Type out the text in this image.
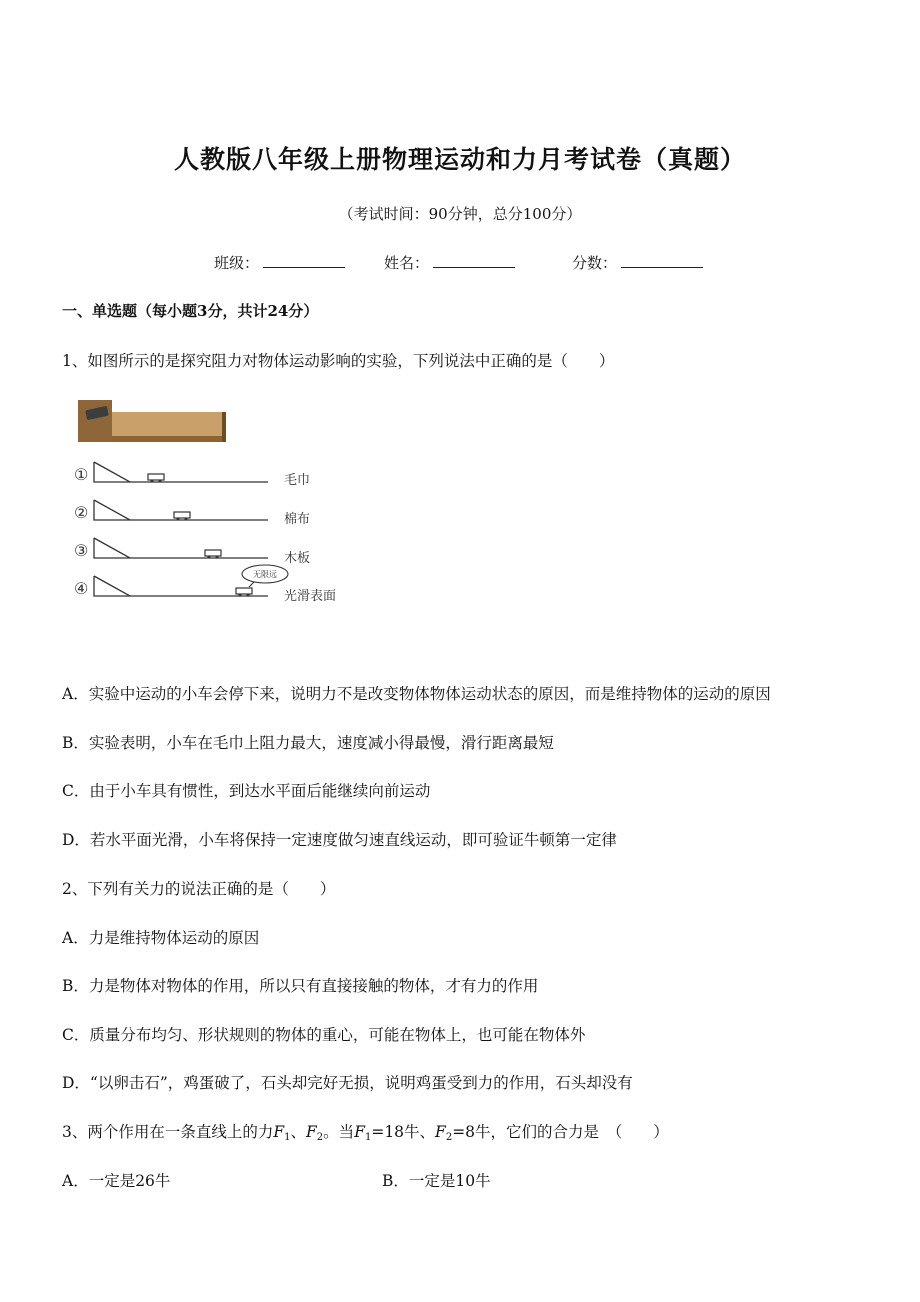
人教版八年级上册物理运动和力月考试卷（真题）
（考试时间：90分钟，总分100分）
班级：	姓名：	分数：
一、单选题（每小题3分，共计24分）
1、如图所示的是探究阻力对物体运动影响的实验，下列说法中正确的是（　　）
①	毛巾
②	棉布
③	木板
④
无限远
光滑表面
A．实验中运动的小车会停下来，说明力不是改变物体物体运动状态的原因，而是维持物体的运动的原因
B．实验表明，小车在毛巾上阻力最大，速度减小得最慢，滑行距离最短
C．由于小车具有惯性，到达水平面后能继续向前运动
D．若水平面光滑，小车将保持一定速度做匀速直线运动，即可验证牛顿第一定律
2、下列有关力的说法正确的是（　　）
A．力是维持物体运动的原因
B．力是物体对物体的作用，所以只有直接接触的物体，才有力的作用
C．质量分布均匀、形状规则的物体的重心，可能在物体上，也可能在物体外
D．“以卵击石”，鸡蛋破了，石头却完好无损，说明鸡蛋受到力的作用，石头却没有
3、两个作用在一条直线上的力$F_1$、$F_2$。当$F_1=18$牛、$F_2=8$牛，它们的合力是　（　　）
A．一定是26牛	B．一定是10牛
